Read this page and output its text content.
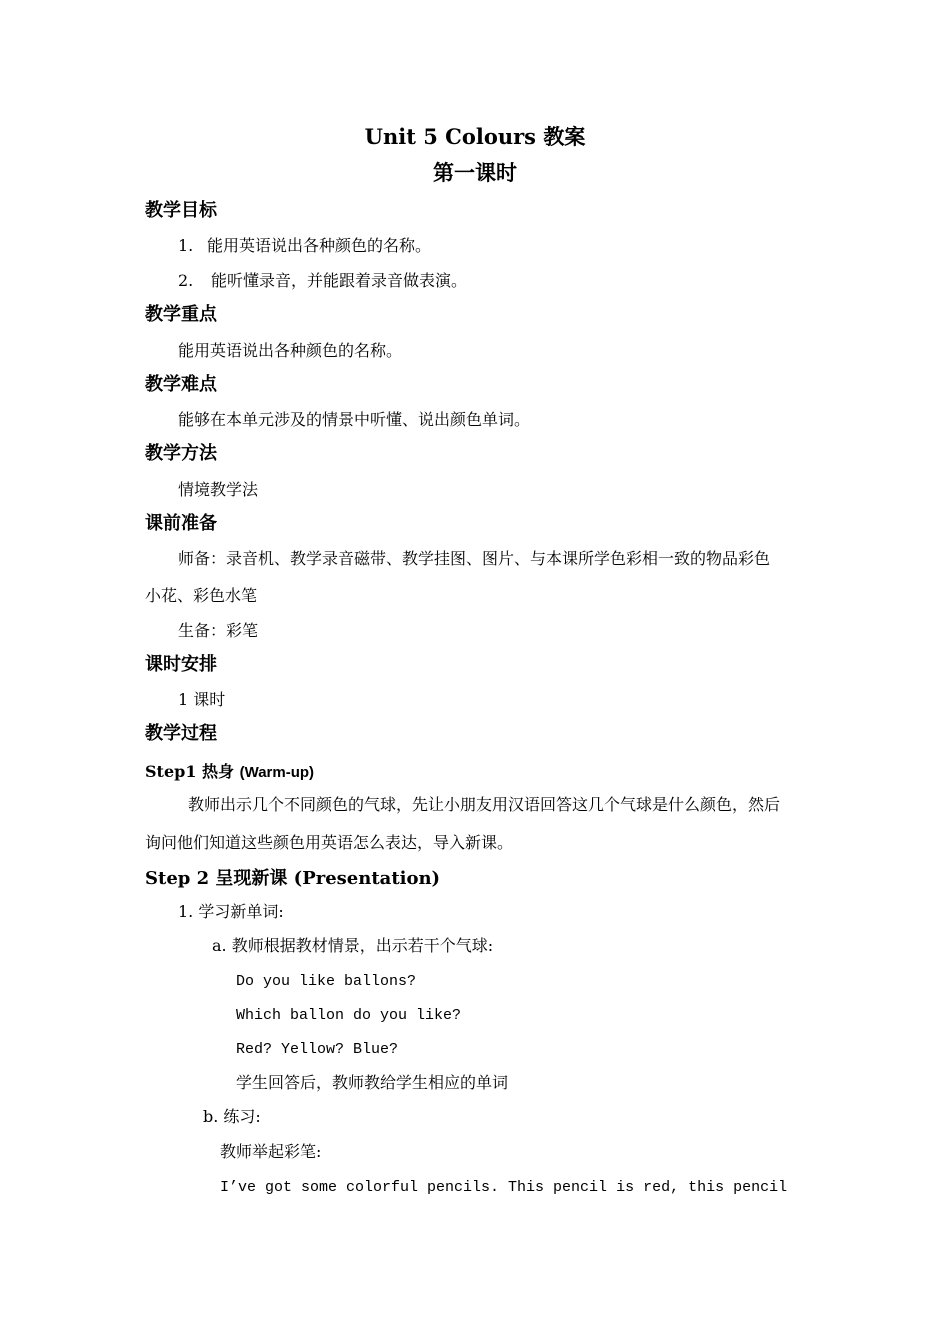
Unit 5 Colours 教案
第一课时
教学目标
1. 能用英语说出各种颜色的名称。
2. 能听懂录音，并能跟着录音做表演。
教学重点
能用英语说出各种颜色的名称。
教学难点
能够在本单元涉及的情景中听懂、说出颜色单词。
教学方法
情境教学法
课前准备
师备：录音机、教学录音磁带、教学挂图、图片、与本课所学色彩相一致的物品彩色
小花、彩色水笔
生备：彩笔
课时安排
1 课时
教学过程
Step1 热身 (Warm-up)
教师出示几个不同颜色的气球，先让小朋友用汉语回答这几个气球是什么颜色，然后
询问他们知道这些颜色用英语怎么表达，导入新课。
Step 2 呈现新课 (Presentation)
1. 学习新单词:
a. 教师根据教材情景，出示若干个气球:
Do you like ballons?
Which ballon do you like?
Red? Yellow? Blue?
学生回答后，教师教给学生相应的单词
b. 练习:
教师举起彩笔:
I’ve got some colorful pencils. This pencil is red, this pencil
